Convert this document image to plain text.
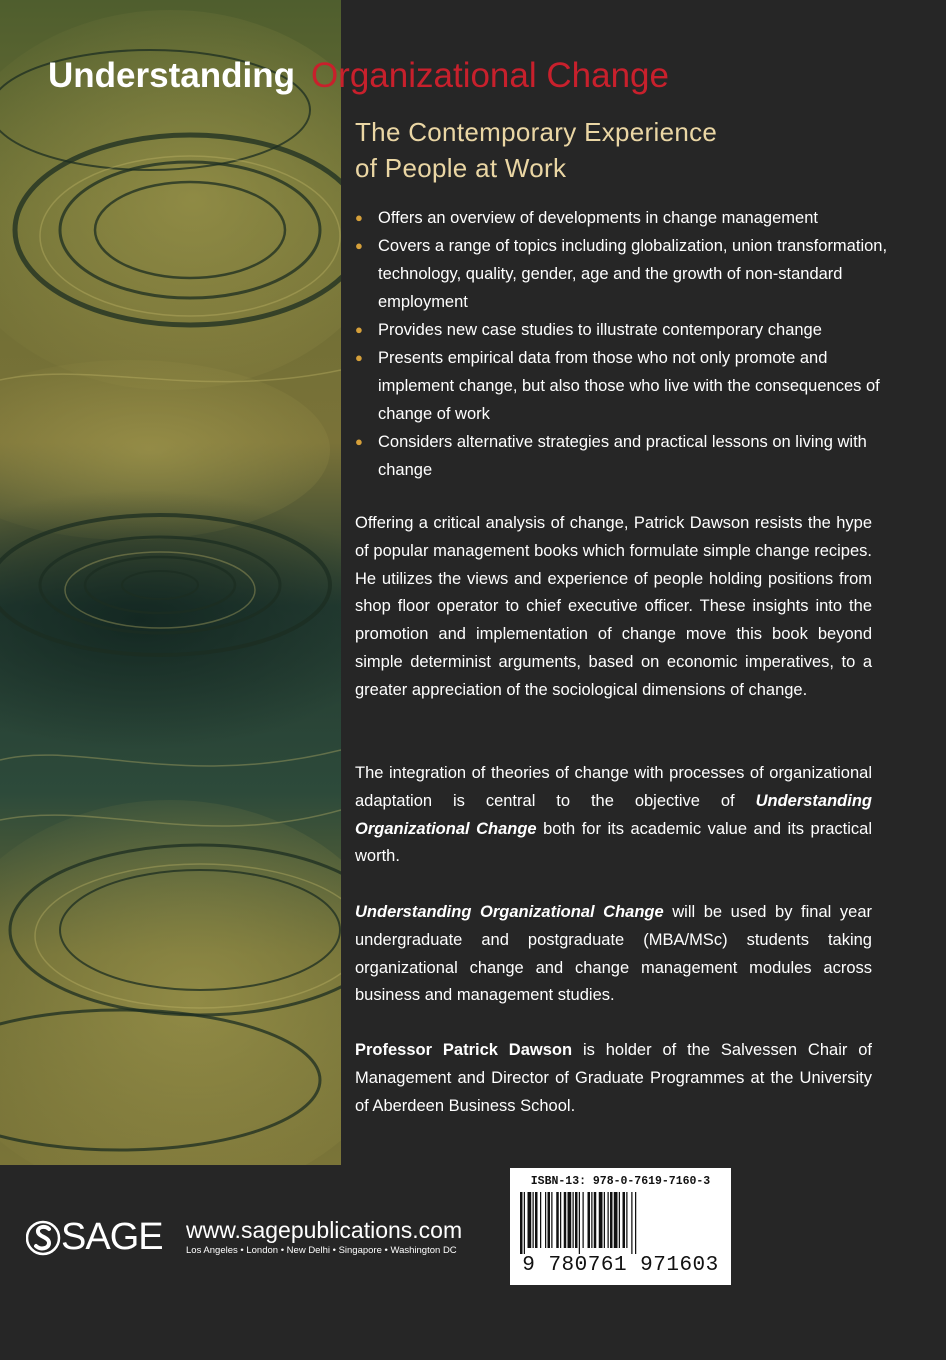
Understanding Organizational Change
The Contemporary Experience
of People at Work
● Offers an overview of developments in change management
● Covers a range of topics including globalization, union transformation, technology, quality, gender, age and the growth of non-standard employment
● Provides new case studies to illustrate contemporary change
● Presents empirical data from those who not only promote and implement change, but also those who live with the consequences of change of work
● Considers alternative strategies and practical lessons on living with change

Offering a critical analysis of change, Patrick Dawson resists the hype of popular management books which formulate simple change recipes. He utilizes the views and experience of people holding positions from shop floor operator to chief executive officer. These insights into the promotion and implementation of change move this book beyond simple determinist arguments, based on economic imperatives, to a greater appreciation of the sociological dimensions of change.

The integration of theories of change with processes of organizational adaptation is central to the objective of Understanding Organizational Change both for its academic value and its practical worth.

Understanding Organizational Change will be used by final year undergraduate and postgraduate (MBA/MSc) students taking organizational change and change management modules across business and management studies.

Professor Patrick Dawson is holder of the Salvessen Chair of Management and Director of Graduate Programmes at the University of Aberdeen Business School.

SAGE www.sagepublications.com
Los Angeles • London • New Delhi • Singapore • Washington DC
ISBN-13: 978-0-7619-7160-3
9 780761 971603
